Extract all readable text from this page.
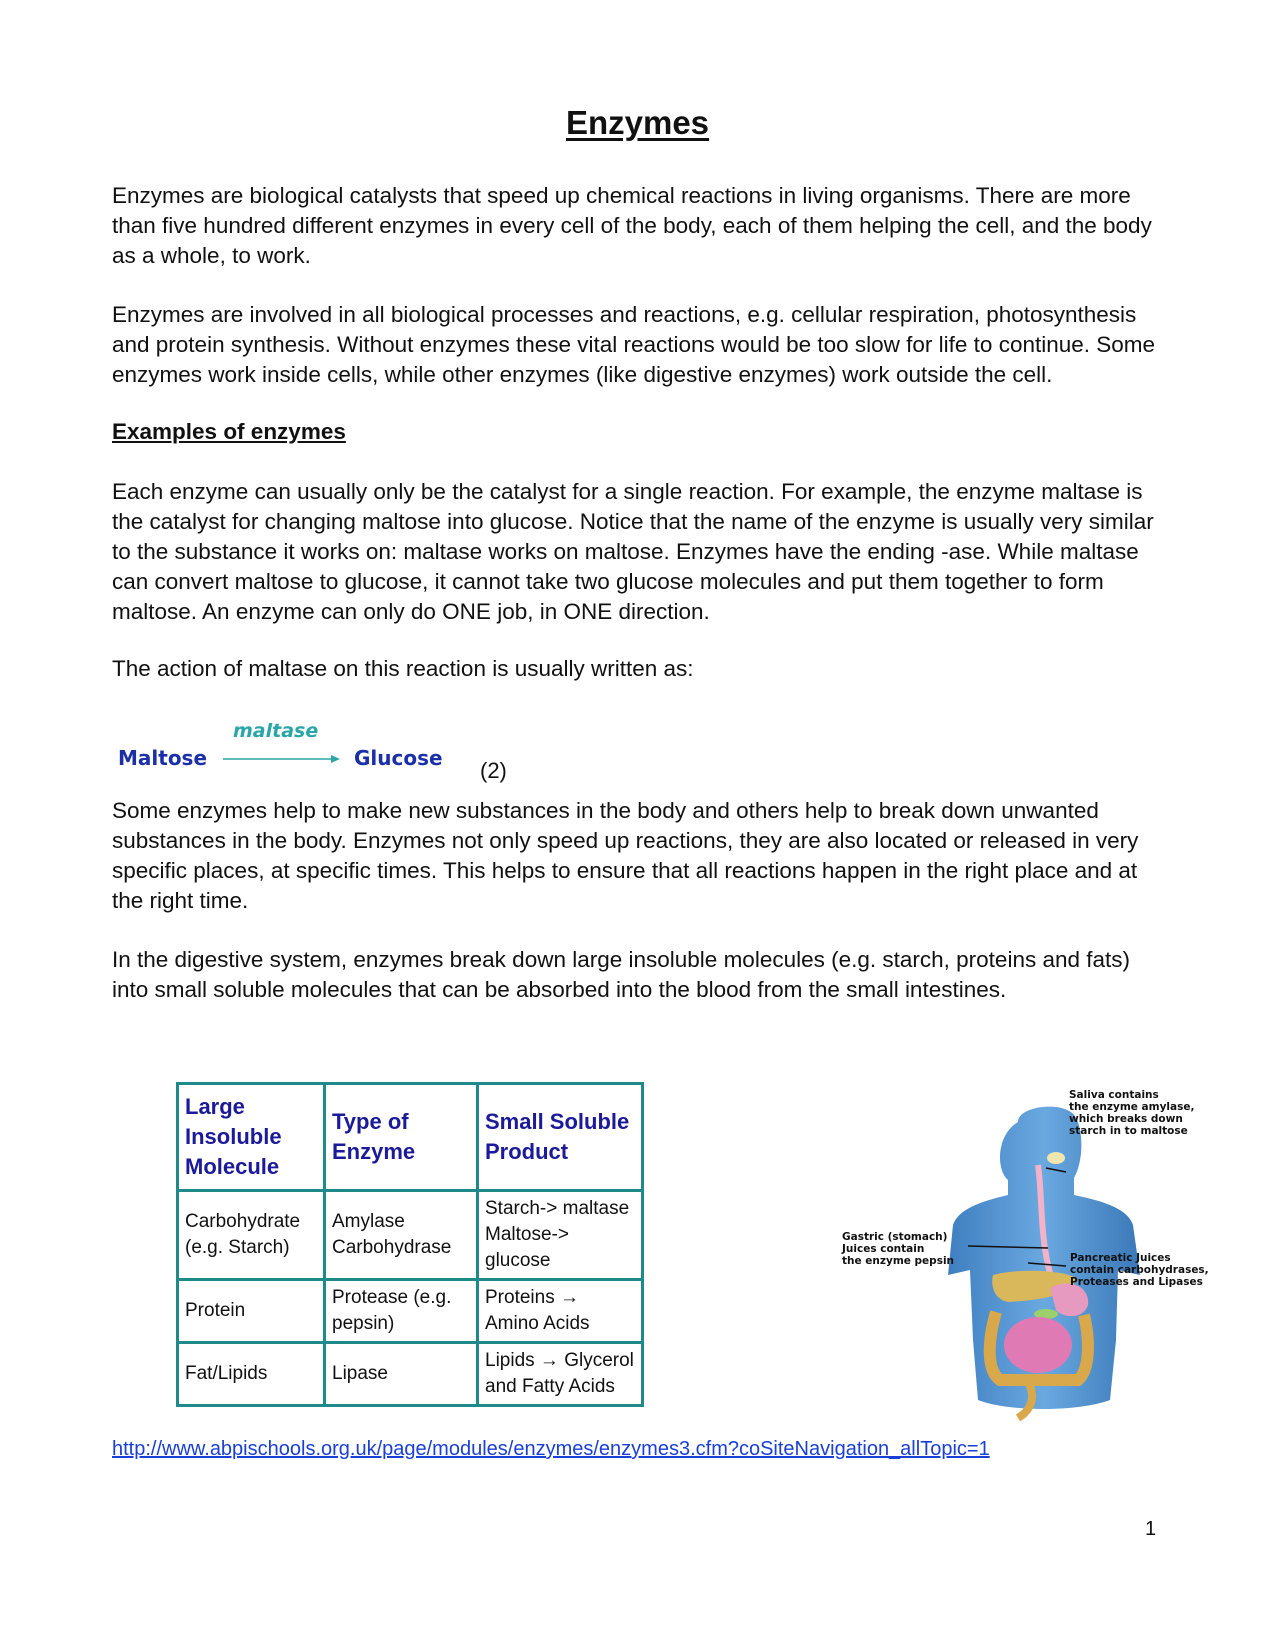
Enzymes

Enzymes are biological catalysts that speed up chemical reactions in living organisms. There are more than five hundred different enzymes in every cell of the body, each of them helping the cell, and the body as a whole, to work.

Enzymes are involved in all biological processes and reactions, e.g. cellular respiration, photosynthesis and protein synthesis. Without enzymes these vital reactions would be too slow for life to continue. Some enzymes work inside cells, while other enzymes (like digestive enzymes) work outside the cell.

Examples of enzymes

Each enzyme can usually only be the catalyst for a single reaction. For example, the enzyme maltase is the catalyst for changing maltose into glucose. Notice that the name of the enzyme is usually very similar to the substance it works on: maltase works on maltose. Enzymes have the ending -ase. While maltase can convert maltose to glucose, it cannot take two glucose molecules and put them together to form maltose. An enzyme can only do ONE job, in ONE direction.

The action of maltase on this reaction is usually written as:

maltase
Maltose	Glucose (2)

Some enzymes help to make new substances in the body and others help to break down unwanted substances in the body. Enzymes not only speed up reactions, they are also located or released in very specific places, at specific times. This helps to ensure that all reactions happen in the right place and at the right time.

In the digestive system, enzymes break down large insoluble molecules (e.g. starch, proteins and fats) into small soluble molecules that can be absorbed into the blood from the small intestines.

Large Insoluble Molecule	Type of Enzyme	Small Soluble Product
Carbohydrate (e.g. Starch)	Amylase Carbohydrase	Starch-> maltase Maltose-> glucose
Protein	Protease (e.g. pepsin)	Proteins → Amino Acids
Fat/Lipids	Lipase	Lipids → Glycerol and Fatty Acids
Saliva contains the enzyme amylase, which breaks down starch in to maltose
Gastric (stomach) Juices contain the enzyme pepsin	Pancreatic Juices contain carbohydrases, Proteases and Lipases
http://www.abpischools.org.uk/page/modules/enzymes/enzymes3.cfm?coSiteNavigation_allTopic=1
1
